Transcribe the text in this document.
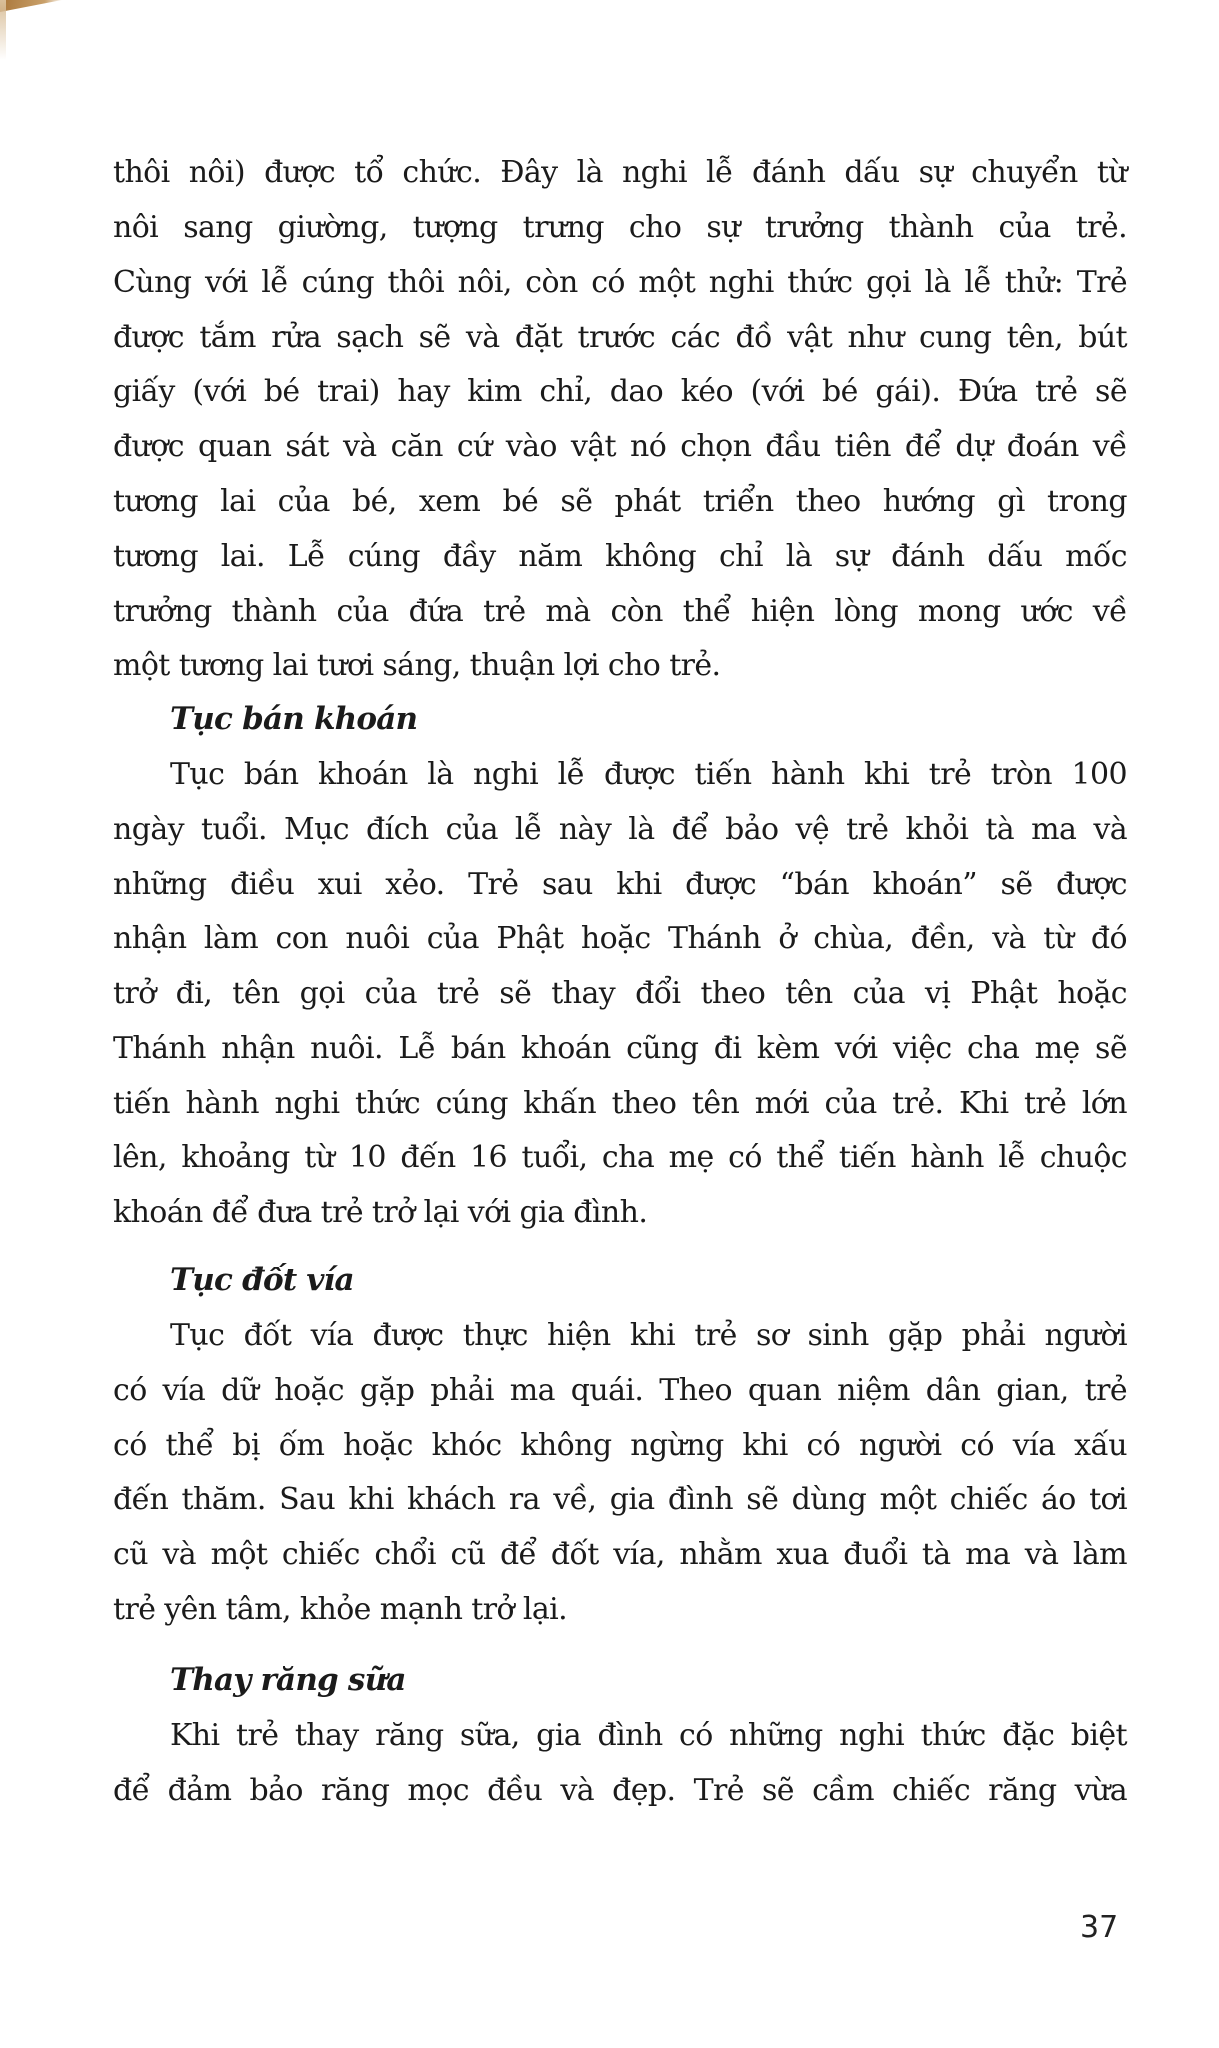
thôi nôi) được tổ chức. Đây là nghi lễ đánh dấu sự chuyển từ
nôi sang giường, tượng trưng cho sự trưởng thành của trẻ.
Cùng với lễ cúng thôi nôi, còn có một nghi thức gọi là lễ thử: Trẻ
được tắm rửa sạch sẽ và đặt trước các đồ vật như cung tên, bút
giấy (với bé trai) hay kim chỉ, dao kéo (với bé gái). Đứa trẻ sẽ
được quan sát và căn cứ vào vật nó chọn đầu tiên để dự đoán về
tương lai của bé, xem bé sẽ phát triển theo hướng gì trong
tương lai. Lễ cúng đầy năm không chỉ là sự đánh dấu mốc
trưởng thành của đứa trẻ mà còn thể hiện lòng mong ước về
một tương lai tươi sáng, thuận lợi cho trẻ.
Tục bán khoán
Tục bán khoán là nghi lễ được tiến hành khi trẻ tròn 100
ngày tuổi. Mục đích của lễ này là để bảo vệ trẻ khỏi tà ma và
những điều xui xẻo. Trẻ sau khi được “bán khoán” sẽ được
nhận làm con nuôi của Phật hoặc Thánh ở chùa, đền, và từ đó
trở đi, tên gọi của trẻ sẽ thay đổi theo tên của vị Phật hoặc
Thánh nhận nuôi. Lễ bán khoán cũng đi kèm với việc cha mẹ sẽ
tiến hành nghi thức cúng khấn theo tên mới của trẻ. Khi trẻ lớn
lên, khoảng từ 10 đến 16 tuổi, cha mẹ có thể tiến hành lễ chuộc
khoán để đưa trẻ trở lại với gia đình.
Tục đốt vía
Tục đốt vía được thực hiện khi trẻ sơ sinh gặp phải người
có vía dữ hoặc gặp phải ma quái. Theo quan niệm dân gian, trẻ
có thể bị ốm hoặc khóc không ngừng khi có người có vía xấu
đến thăm. Sau khi khách ra về, gia đình sẽ dùng một chiếc áo tơi
cũ và một chiếc chổi cũ để đốt vía, nhằm xua đuổi tà ma và làm
trẻ yên tâm, khỏe mạnh trở lại.
Thay răng sữa
Khi trẻ thay răng sữa, gia đình có những nghi thức đặc biệt
để đảm bảo răng mọc đều và đẹp. Trẻ sẽ cầm chiếc răng vừa
37
